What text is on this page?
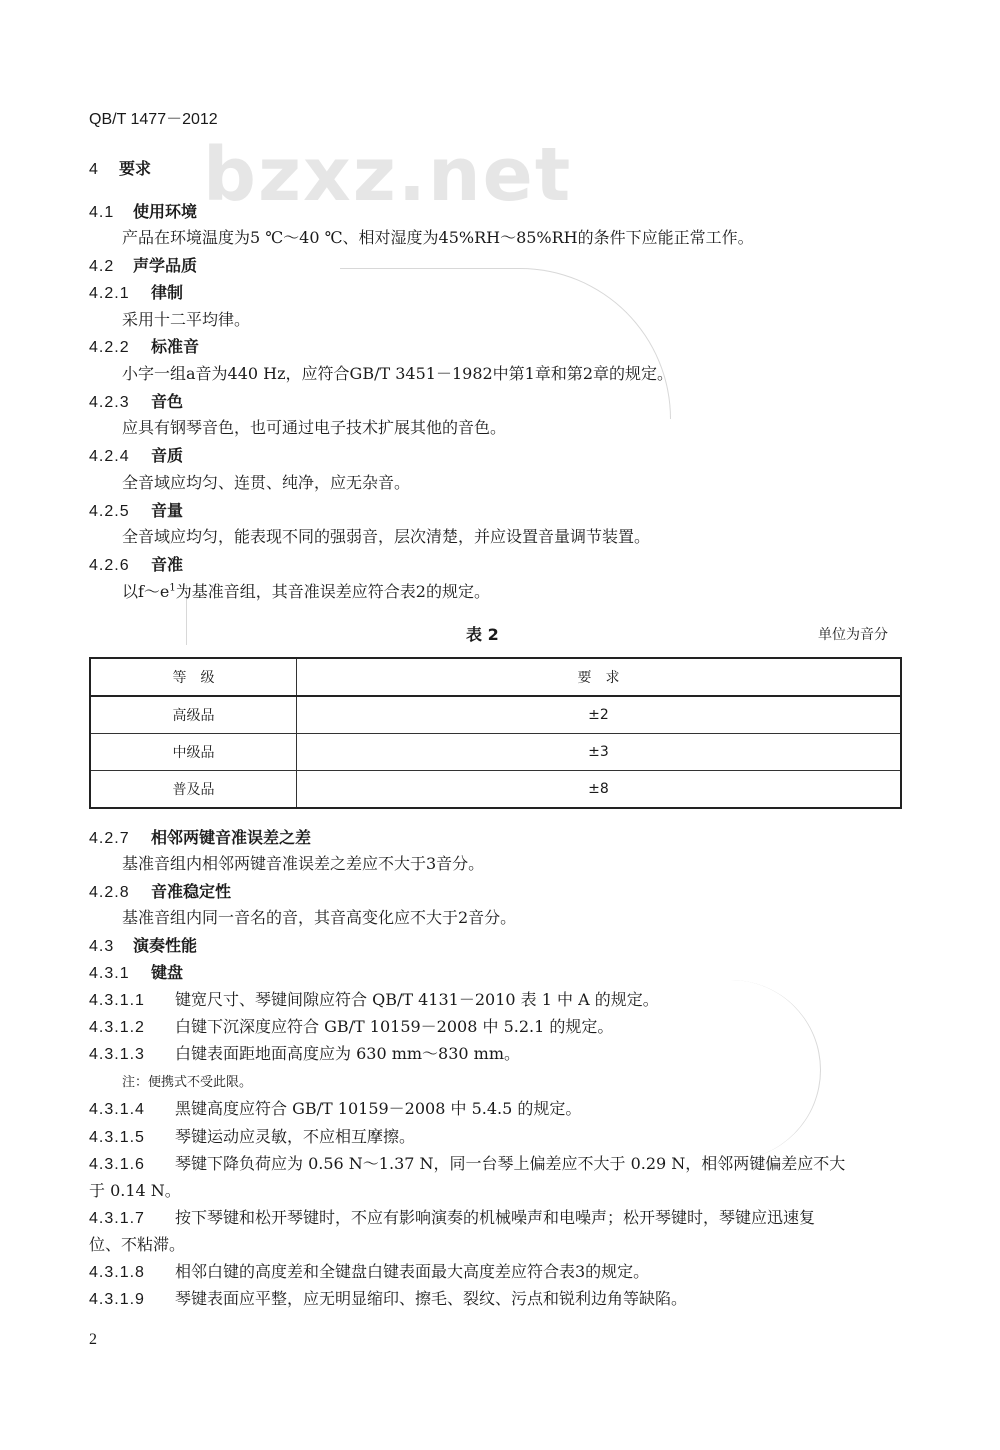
bzxz.net
QB/T 1477－2012
4 要求
4.1 使用环境
产品在环境温度为5 ℃～40 ℃、相对湿度为45%RH～85%RH的条件下应能正常工作。
4.2 声学品质
4.2.1 律制
采用十二平均律。
4.2.2 标准音
小字一组a音为440 Hz，应符合GB/T 3451－1982中第1章和第2章的规定。
4.2.3 音色
应具有钢琴音色，也可通过电子技术扩展其他的音色。
4.2.4 音质
全音域应均匀、连贯、纯净，应无杂音。
4.2.5 音量
全音域应均匀，能表现不同的强弱音，层次清楚，并应设置音量调节装置。
4.2.6 音准
以$f\sim e^1$为基准音组，其音准误差应符合表2的规定。
表 2	单位为音分
等　级	要　求
高级品	±2
中级品	±3
普及品	±8
4.2.7 相邻两键音准误差之差
基准音组内相邻两键音准误差之差应不大于3音分。
4.2.8 音准稳定性
基准音组内同一音名的音，其音高变化应不大于2音分。
4.3 演奏性能
4.3.1 键盘
4.3.1.1 键宽尺寸、琴键间隙应符合 QB/T 4131－2010 表 1 中 A 的规定。
4.3.1.2 白键下沉深度应符合 GB/T 10159－2008 中 5.2.1 的规定。
4.3.1.3 白键表面距地面高度应为 630 mm～830 mm。
注：便携式不受此限。
4.3.1.4 黑键高度应符合 GB/T 10159－2008 中 5.4.5 的规定。
4.3.1.5 琴键运动应灵敏，不应相互摩擦。
4.3.1.6 琴键下降负荷应为 0.56 N～1.37 N，同一台琴上偏差应不大于 0.29 N，相邻两键偏差应不大
于 0.14 N。
4.3.1.7 按下琴键和松开琴键时，不应有影响演奏的机械噪声和电噪声；松开琴键时，琴键应迅速复
位、不粘滞。
4.3.1.8 相邻白键的高度差和全键盘白键表面最大高度差应符合表3的规定。
4.3.1.9 琴键表面应平整，应无明显缩印、擦毛、裂纹、污点和锐利边角等缺陷。
2
